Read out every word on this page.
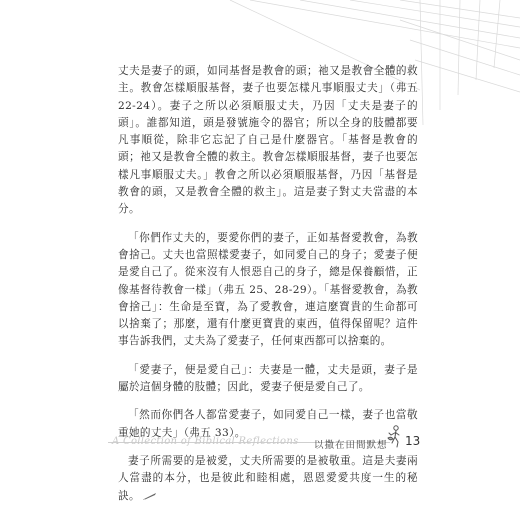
丈夫是妻子的頭，如同基督是教會的頭；祂又是教會全體的救主。教會怎樣順服基督，妻子也要怎樣凡事順服丈夫」（弗五 22-24）。妻子之所以必須順服丈夫，乃因「丈夫是妻子的頭」。誰都知道，頭是發號施令的器官；所以全身的肢體都要凡事順從，除非它忘記了自己是什麼器官。「基督是教會的頭；祂又是教會全體的救主。教會怎樣順服基督，妻子也要怎樣凡事順服丈夫。」教會之所以必須順服基督，乃因「基督是教會的頭，又是教會全體的救主」。這是妻子對丈夫當盡的本分。

「你們作丈夫的，要愛你們的妻子，正如基督愛教會，為教會捨己。丈夫也當照樣愛妻子，如同愛自己的身子；愛妻子便是愛自己了。從來沒有人恨惡自己的身子，總是保養顧惜，正像基督待教會一樣」（弗五 25、28-29）。「基督愛教會，為教會捨己」：生命是至寶，為了愛教會，連這麼寶貴的生命都可以捨棄了；那麼，還有什麼更寶貴的東西，值得保留呢？這件事告訴我們，丈夫為了愛妻子，任何東西都可以捨棄的。

「愛妻子，便是愛自己」：夫妻是一體，丈夫是頭，妻子是屬於這個身體的肢體；因此，愛妻子便是愛自己了。

「然而你們各人都當愛妻子，如同愛自己一樣，妻子也當敬重她的丈夫」（弗五 33）。

妻子所需要的是被愛，丈夫所需要的是被敬重。這是夫妻兩人當盡的本分，也是彼此和睦相處，恩恩愛愛共度一生的秘訣。

A Collection of Biblical Reflections 以撒在田間默想 13
